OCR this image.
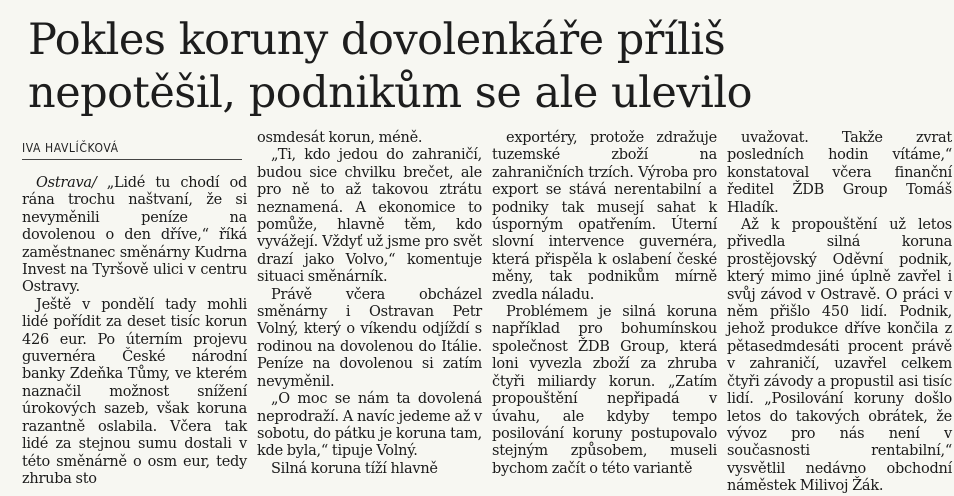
Pokles koruny dovolenkáře příliš
nepotěšil, podnikům se ale ulevilo
IVA HAVLÍČKOVÁ

Ostrava/ „Lidé tu chodí od rána trochu naštvaní, že si nevyměnili peníze na dovolenou o den dříve,“ říká zaměstnanec směnárny Kudrna Invest na Tyršově ulici v centru Ostravy.

Ještě v pondělí tady mohli lidé pořídit za deset tisíc korun 426 eur. Po úterním projevu guvernéra České národní banky Zdeňka Tůmy, ve kterém naznačil možnost snížení úrokových sazeb, však koruna razantně oslabila. Včera tak lidé za stejnou sumu dostali v této směnárně o osm eur, tedy zhruba sto

osmdesát korun, méně.

„Ti, kdo jedou do zahraničí, budou sice chvilku brečet, ale pro ně to až takovou ztrátu neznamená. A ekonomice to pomůže, hlavně těm, kdo vyvážejí. Vždyť už jsme pro svět drazí jako Volvo,“ komentuje situaci směnárník.

Právě včera obcházel směnárny i Ostravan Petr Volný, který o víkendu odjíždí s rodinou na dovolenou do Itálie. Peníze na dovolenou si zatím nevyměnil.

„O moc se nám ta dovolená neprodraží. A navíc jedeme až v sobotu, do pátku je koruna tam, kde byla,“ tipuje Volný.

Silná koruna tíží hlavně

exportéry, protože zdražuje tuzemské zboží na zahraničních trzích. Výroba pro export se stává nerentabilní a podniky tak musejí sahat k úsporným opatřením. Úterní slovní intervence guvernéra, která přispěla k oslabení české měny, tak podnikům mírně zvedla náladu.

Problémem je silná koruna například pro bohumínskou společnost ŽDB Group, která loni vyvezla zboží za zhruba čtyři miliardy korun. „Zatím propouštění nepřipadá v úvahu, ale kdyby tempo posilování koruny postupovalo stejným způsobem, museli bychom začít o této variantě

uvažovat. Takže zvrat posledních hodin vítáme,“ konstatoval včera finanční ředitel ŽDB Group Tomáš Hladík.

Až k propouštění už letos přivedla silná koruna prostějovský Oděvní podnik, který mimo jiné úplně zavřel i svůj závod v Ostravě. O práci v něm přišlo 450 lidí. Podnik, jehož produkce dříve končila z pětasedmdesáti procent právě v zahraničí, uzavřel celkem čtyři závody a propustil asi tisíc lidí. „Posilování koruny došlo letos do takových obrátek, že vývoz pro nás není v současnosti rentabilní,“ vysvětlil nedávno obchodní náměstek Milivoj Žák.
